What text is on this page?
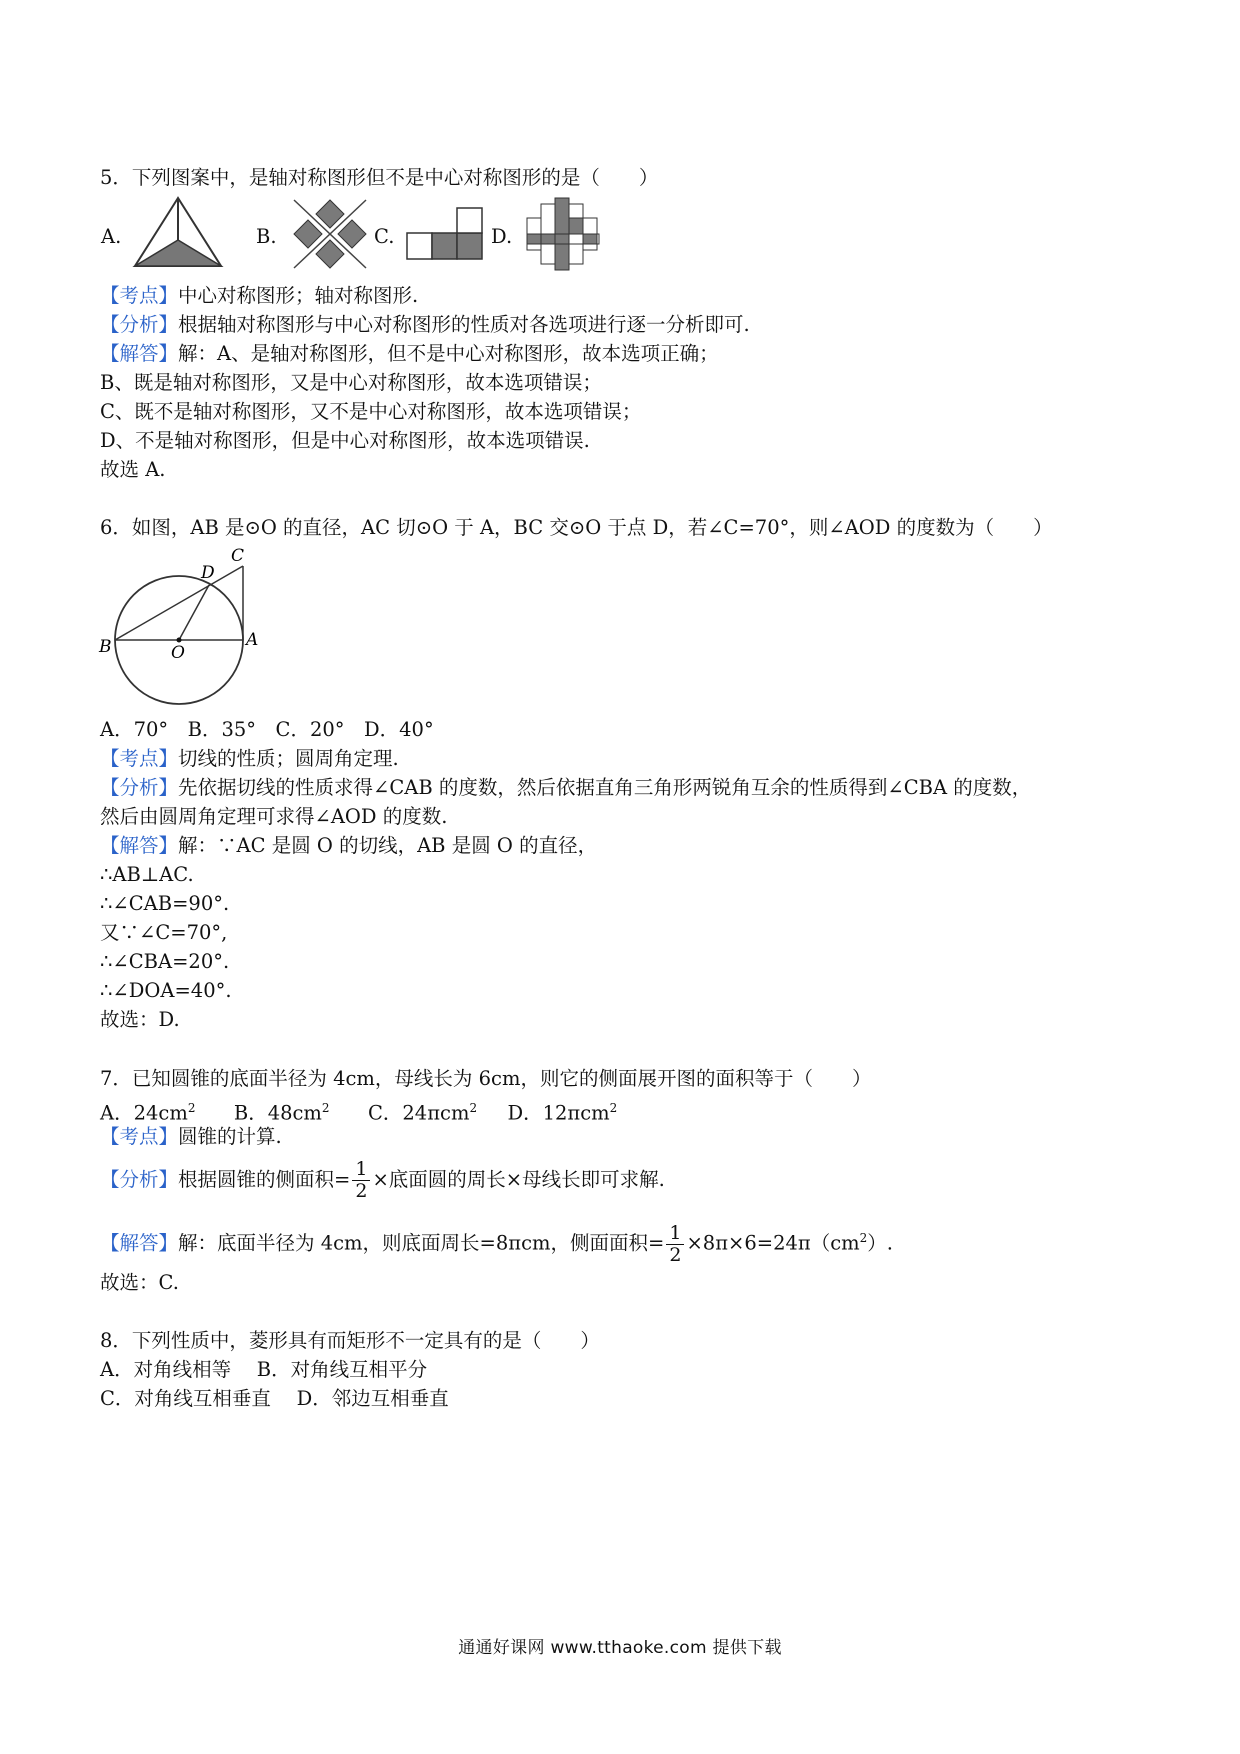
5．下列图案中，是轴对称图形但不是中心对称图形的是（　　）
A.	B.	C.	D.
【考点】中心对称图形；轴对称图形.
【分析】根据轴对称图形与中心对称图形的性质对各选项进行逐一分析即可.
【解答】解：A、是轴对称图形，但不是中心对称图形，故本选项正确；
B、既是轴对称图形，又是中心对称图形，故本选项错误；
C、既不是轴对称图形，又不是中心对称图形，故本选项错误；
D、不是轴对称图形，但是中心对称图形，故本选项错误.
故选 A.
6．如图，AB 是⊙O 的直径，AC 切⊙O 于 A，BC 交⊙O 于点 D，若∠C=70°，则∠AOD 的度数为（　　）
B	A
O
D
C
A．70°　B．35°　C．20°　D．40°
【考点】切线的性质；圆周角定理.
【分析】先依据切线的性质求得∠CAB 的度数，然后依据直角三角形两锐角互余的性质得到∠CBA 的度数，
然后由圆周角定理可求得∠AOD 的度数.
【解答】解：∵AC 是圆 O 的切线，AB 是圆 O 的直径，
∴AB⊥AC.
∴∠CAB=90°.
又∵∠C=70°,
∴∠CBA=20°.
∴∠DOA=40°.
故选：D.
7．已知圆锥的底面半径为 4cm，母线长为 6cm，则它的侧面展开图的面积等于（　　）
A．$24cm^2$ B．$48cm^2$ C．24πcm$^2$ D．12πcm$^2$
【考点】圆锥的计算.
【分析】根据圆锥的侧面积= $\frac{1}{2}$ ×底面圆的周长×母线长即可求解.
【解答】解：底面半径为 4cm，则底面周长=8πcm，侧面面积= $\frac{1}{2} \times 8\pi\times 6=24\pi(cm^2)$.
故选：C.
8．下列性质中，菱形具有而矩形不一定具有的是（　　）
A．对角线相等　 B．对角线互相平分
C．对角线互相垂直　 D．邻边互相垂直
通通好课网 www.tthaoke.com 提供下载
